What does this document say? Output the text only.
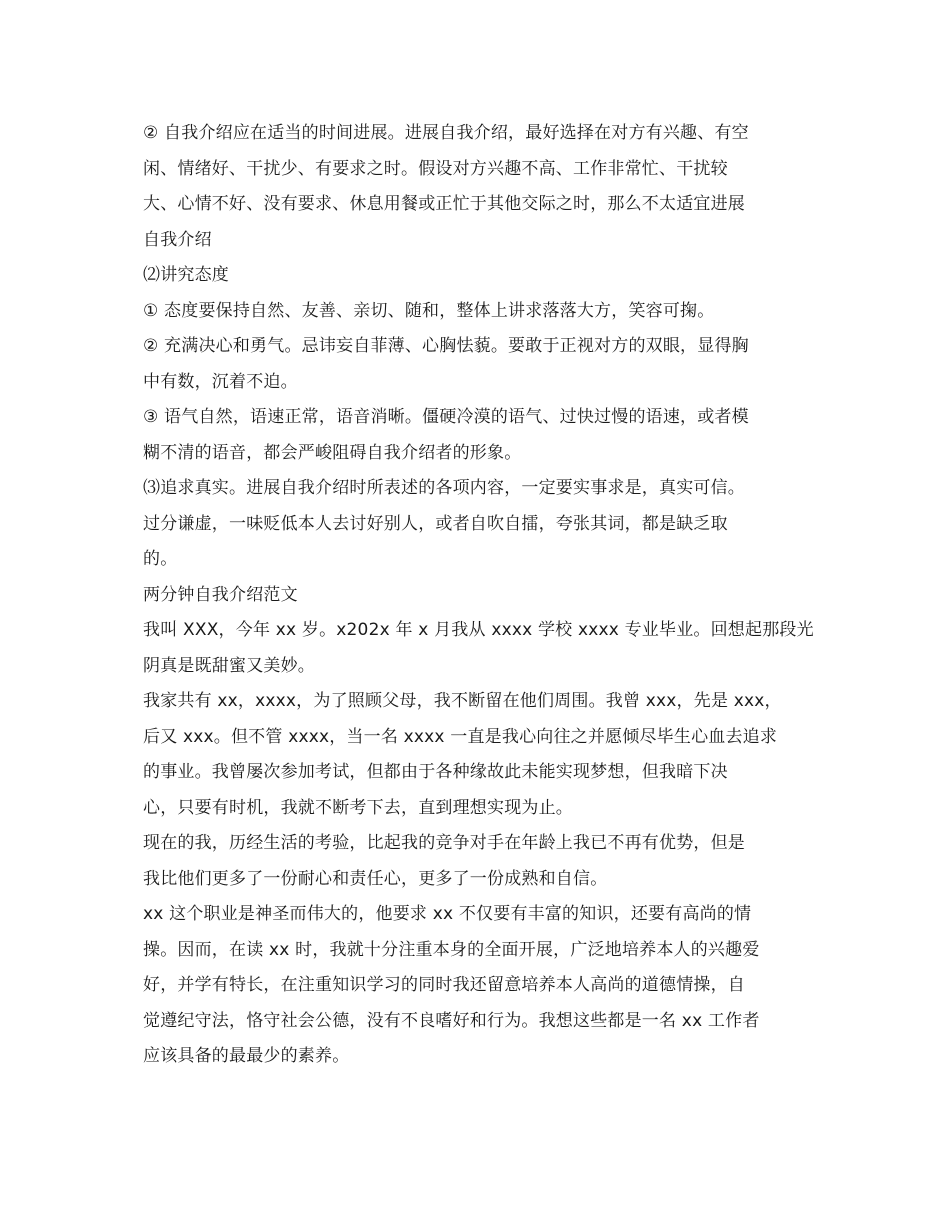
② 自我介绍应在适当的时间进展。进展自我介绍，最好选择在对方有兴趣、有空
闲、情绪好、干扰少、有要求之时。假设对方兴趣不高、工作非常忙、干扰较
大、心情不好、没有要求、休息用餐或正忙于其他交际之时，那么不太适宜进展
自我介绍
⑵讲究态度
① 态度要保持自然、友善、亲切、随和，整体上讲求落落大方，笑容可掬。
② 充满决心和勇气。忌讳妄自菲薄、心胸怯藐。要敢于正视对方的双眼，显得胸
中有数，沉着不迫。
③ 语气自然，语速正常，语音消晰。僵硬冷漠的语气、过快过慢的语速，或者模
糊不清的语音，都会严峻阻碍自我介绍者的形象。
⑶追求真实。进展自我介绍时所表述的各项内容，一定要实事求是，真实可信。
过分谦虚，一味贬低本人去讨好别人，或者自吹自擂，夸张其词，都是缺乏取
的。
两分钟自我介绍范文
我叫 XXX，今年 xx 岁。x202x 年 x 月我从 xxxx 学校 xxxx 专业毕业。回想起那段光
阴真是既甜蜜又美妙。
我家共有 xx，xxxx，为了照顾父母，我不断留在他们周围。我曾 xxx，先是 xxx，
后又 xxx。但不管 xxxx，当一名 xxxx 一直是我心向往之并愿倾尽毕生心血去追求
的事业。我曾屡次参加考试，但都由于各种缘故此未能实现梦想，但我暗下决
心，只要有时机，我就不断考下去，直到理想实现为止。
现在的我，历经生活的考验，比起我的竞争对手在年龄上我已不再有优势，但是
我比他们更多了一份耐心和责任心，更多了一份成熟和自信。
xx 这个职业是神圣而伟大的，他要求 xx 不仅要有丰富的知识，还要有高尚的情
操。因而，在读 xx 时，我就十分注重本身的全面开展，广泛地培养本人的兴趣爱
好，并学有特长，在注重知识学习的同时我还留意培养本人高尚的道德情操，自
觉遵纪守法，恪守社会公德，没有不良嗜好和行为。我想这些都是一名 xx 工作者
应该具备的最最少的素养。
